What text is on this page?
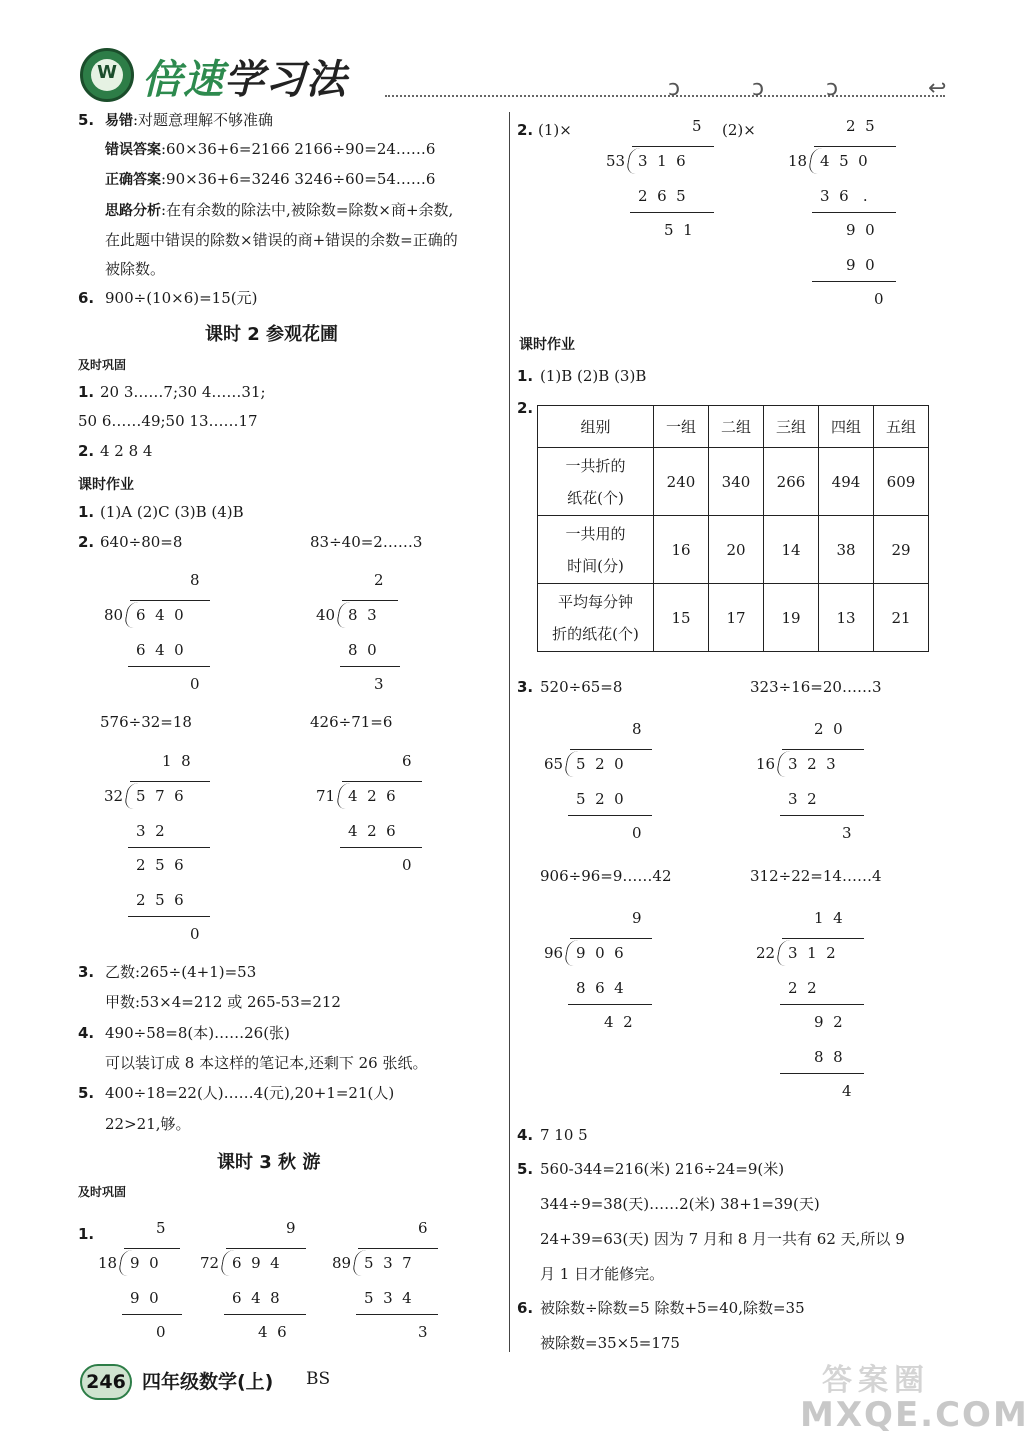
W
倍速学习法	ↄ	ↄ	ↄ	↩
5. 易错:对题意理解不够准确
错误答案:60×36+6=2166 2166÷90=24……6
正确答案:90×36+6=3246 3246÷60=54……6
思路分析:在有余数的除法中,被除数=除数×商+余数,
在此题中错误的除数×错误的商+错误的余数=正确的
被除数。
6. 900÷(10×6)=15(元)
课时 2 参观花圃
及时巩固
1. 20 3……7;30 4……31;
50 6……49;50 13……17
2. 4 2 8 4
课时作业
1. (1)A (2)C (3)B (4)B
2. 640÷80=8	83÷40=2……3
8
80 6  4  0
6  4  0
0
2
40 8  3
8  0
3
576÷32=18	426÷71=6
1  8
32 5  7  6
3  2
2  5  6
2  5  6
0
6
71 4  2  6
4  2  6
0
3. 乙数:265÷(4+1)=53
甲数:53×4=212 或 265-53=212
4. 490÷58=8(本)……26(张)
可以装订成 8 本这样的笔记本,还剩下 26 张纸。
5. 400÷18=22(人)……4(元),20+1=21(人)
22>21,够。
课时 3 秋 游
及时巩固
1.	5
18 9  0
9  0
0
9
72 6  9  4
6  4  8
4  6
6
89 5  3  7
5  3  4
3
2. (1)×	(2)×
5
53 3  1  6
2  6  5
5  1
2  5
18 4  5  0
3  6   .
9  0
9  0
0
课时作业
1. (1)B (2)B (3)B
2.
组别	一组	二组	三组	四组	五组

一共折的
纸花(个)	240	340	266	494	609

一共用的
时间(分)	16	20	14	38	29

平均每分钟
折的纸花(个)	15	17	19	13	21
3. 520÷65=8	323÷16=20……3
8
65 5  2  0
5  2  0
0
2  0
16 3  2  3
3  2
3
906÷96=9……42	312÷22=14……4
9
96 9  0  6
8  6  4
4  2
1  4
22 3  1  2
2  2
9  2
8  8
4
4. 7 10 5
5. 560-344=216(米) 216÷24=9(米)
344÷9=38(天)……2(米) 38+1=39(天)
24+39=63(天) 因为 7 月和 8 月一共有 62 天,所以 9
月 1 日才能修完。
6. 被除数÷除数=5 除数+5=40,除数=35
被除数=35×5=175
246 四年级数学(上) BS	答案圈
MXQE.COM
